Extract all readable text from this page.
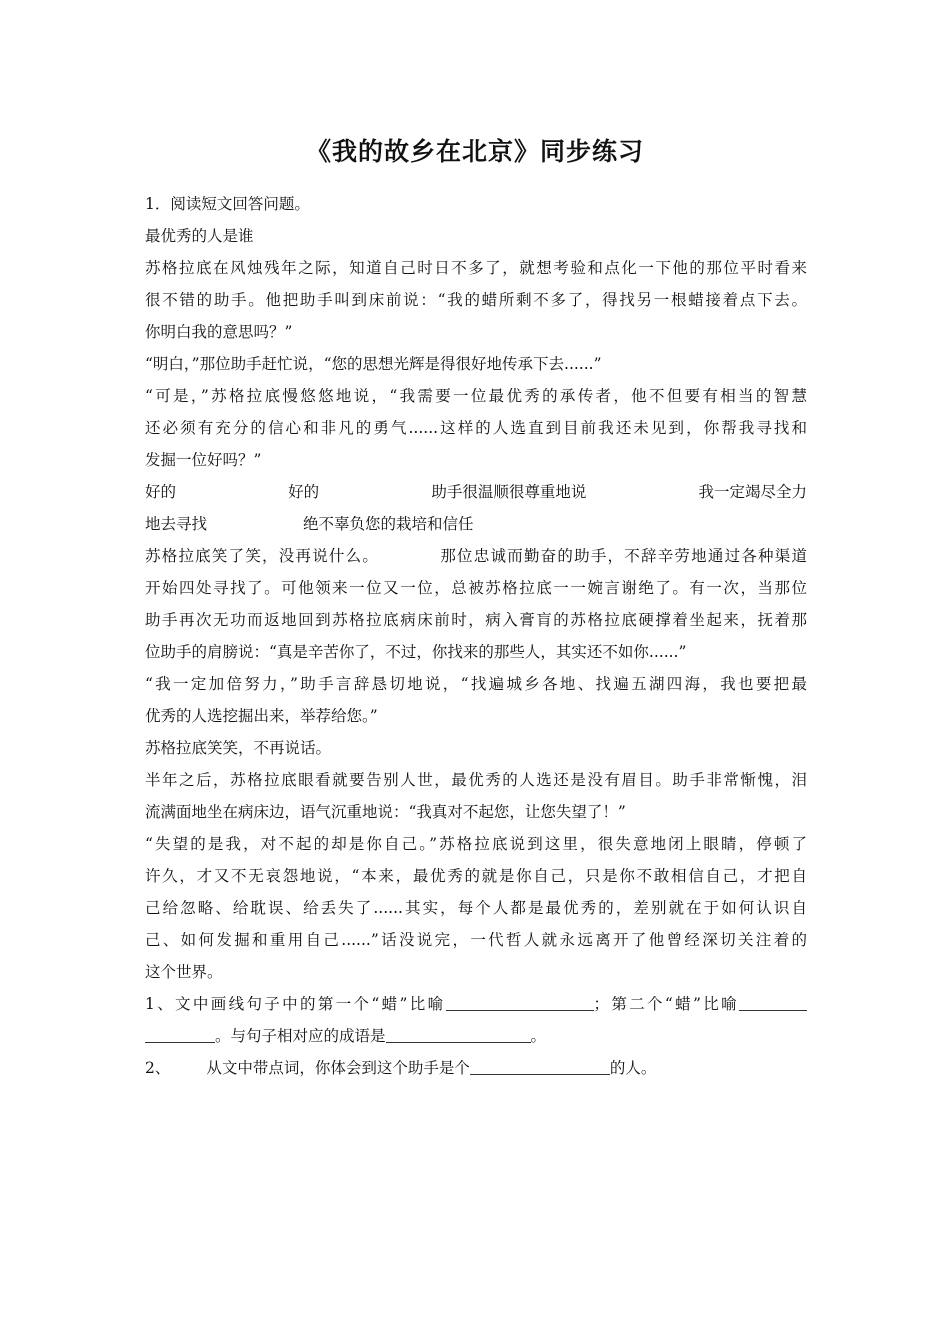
《我的故乡在北京》同步练习

1．阅读短文回答问题。

最优秀的人是谁

苏格拉底在风烛残年之际，知道自己时日不多了，就想考验和点化一下他的那位平时看来

很不错的助手。他把助手叫到床前说：“我的蜡所剩不多了，得找另一根蜡接着点下去。

你明白我的意思吗？”

“明白，”那位助手赶忙说，“您的思想光辉是得很好地传承下去......”

“可是，”苏格拉底慢悠悠地说，“我需要一位最优秀的承传者，他不但要有相当的智慧

还必须有充分的信心和非凡的勇气......这样的人选直到目前我还未见到，你帮我寻找和

发掘一位好吗？”

好的	好的	助手很温顺很尊重地说	我一定竭尽全力

地去寻找	绝不辜负您的栽培和信任

苏格拉底笑了笑，没再说什么。	那位忠诚而勤奋的助手，不辞辛劳地通过各种渠道

开始四处寻找了。可他领来一位又一位，总被苏格拉底一一婉言谢绝了。有一次，当那位

助手再次无功而返地回到苏格拉底病床前时，病入膏肓的苏格拉底硬撑着坐起来，抚着那

位助手的肩膀说：“真是辛苦你了，不过，你找来的那些人，其实还不如你......”

“我一定加倍努力，”助手言辞恳切地说，“找遍城乡各地、找遍五湖四海，我也要把最

优秀的人选挖掘出来，举荐给您。”

苏格拉底笑笑，不再说话。

半年之后，苏格拉底眼看就要告别人世，最优秀的人选还是没有眉目。助手非常惭愧，泪

流满面地坐在病床边，语气沉重地说：“我真对不起您，让您失望了！”

“失望的是我，对不起的却是你自己。”苏格拉底说到这里，很失意地闭上眼睛，停顿了

许久，才又不无哀怨地说，“本来，最优秀的就是你自己，只是你不敢相信自己，才把自

己给忽略、给耽误、给丢失了......其实，每个人都是最优秀的，差别就在于如何认识自

己、如何发掘和重用自己......”话没说完，一代哲人就永远离开了他曾经深切关注着的

这个世界。

1、文中画线句子中的第一个“蜡”比喻	；第二个“蜡”比喻

。与句子相对应的成语是	。

2、 从文中带点词，你体会到这个助手是个	的人。
